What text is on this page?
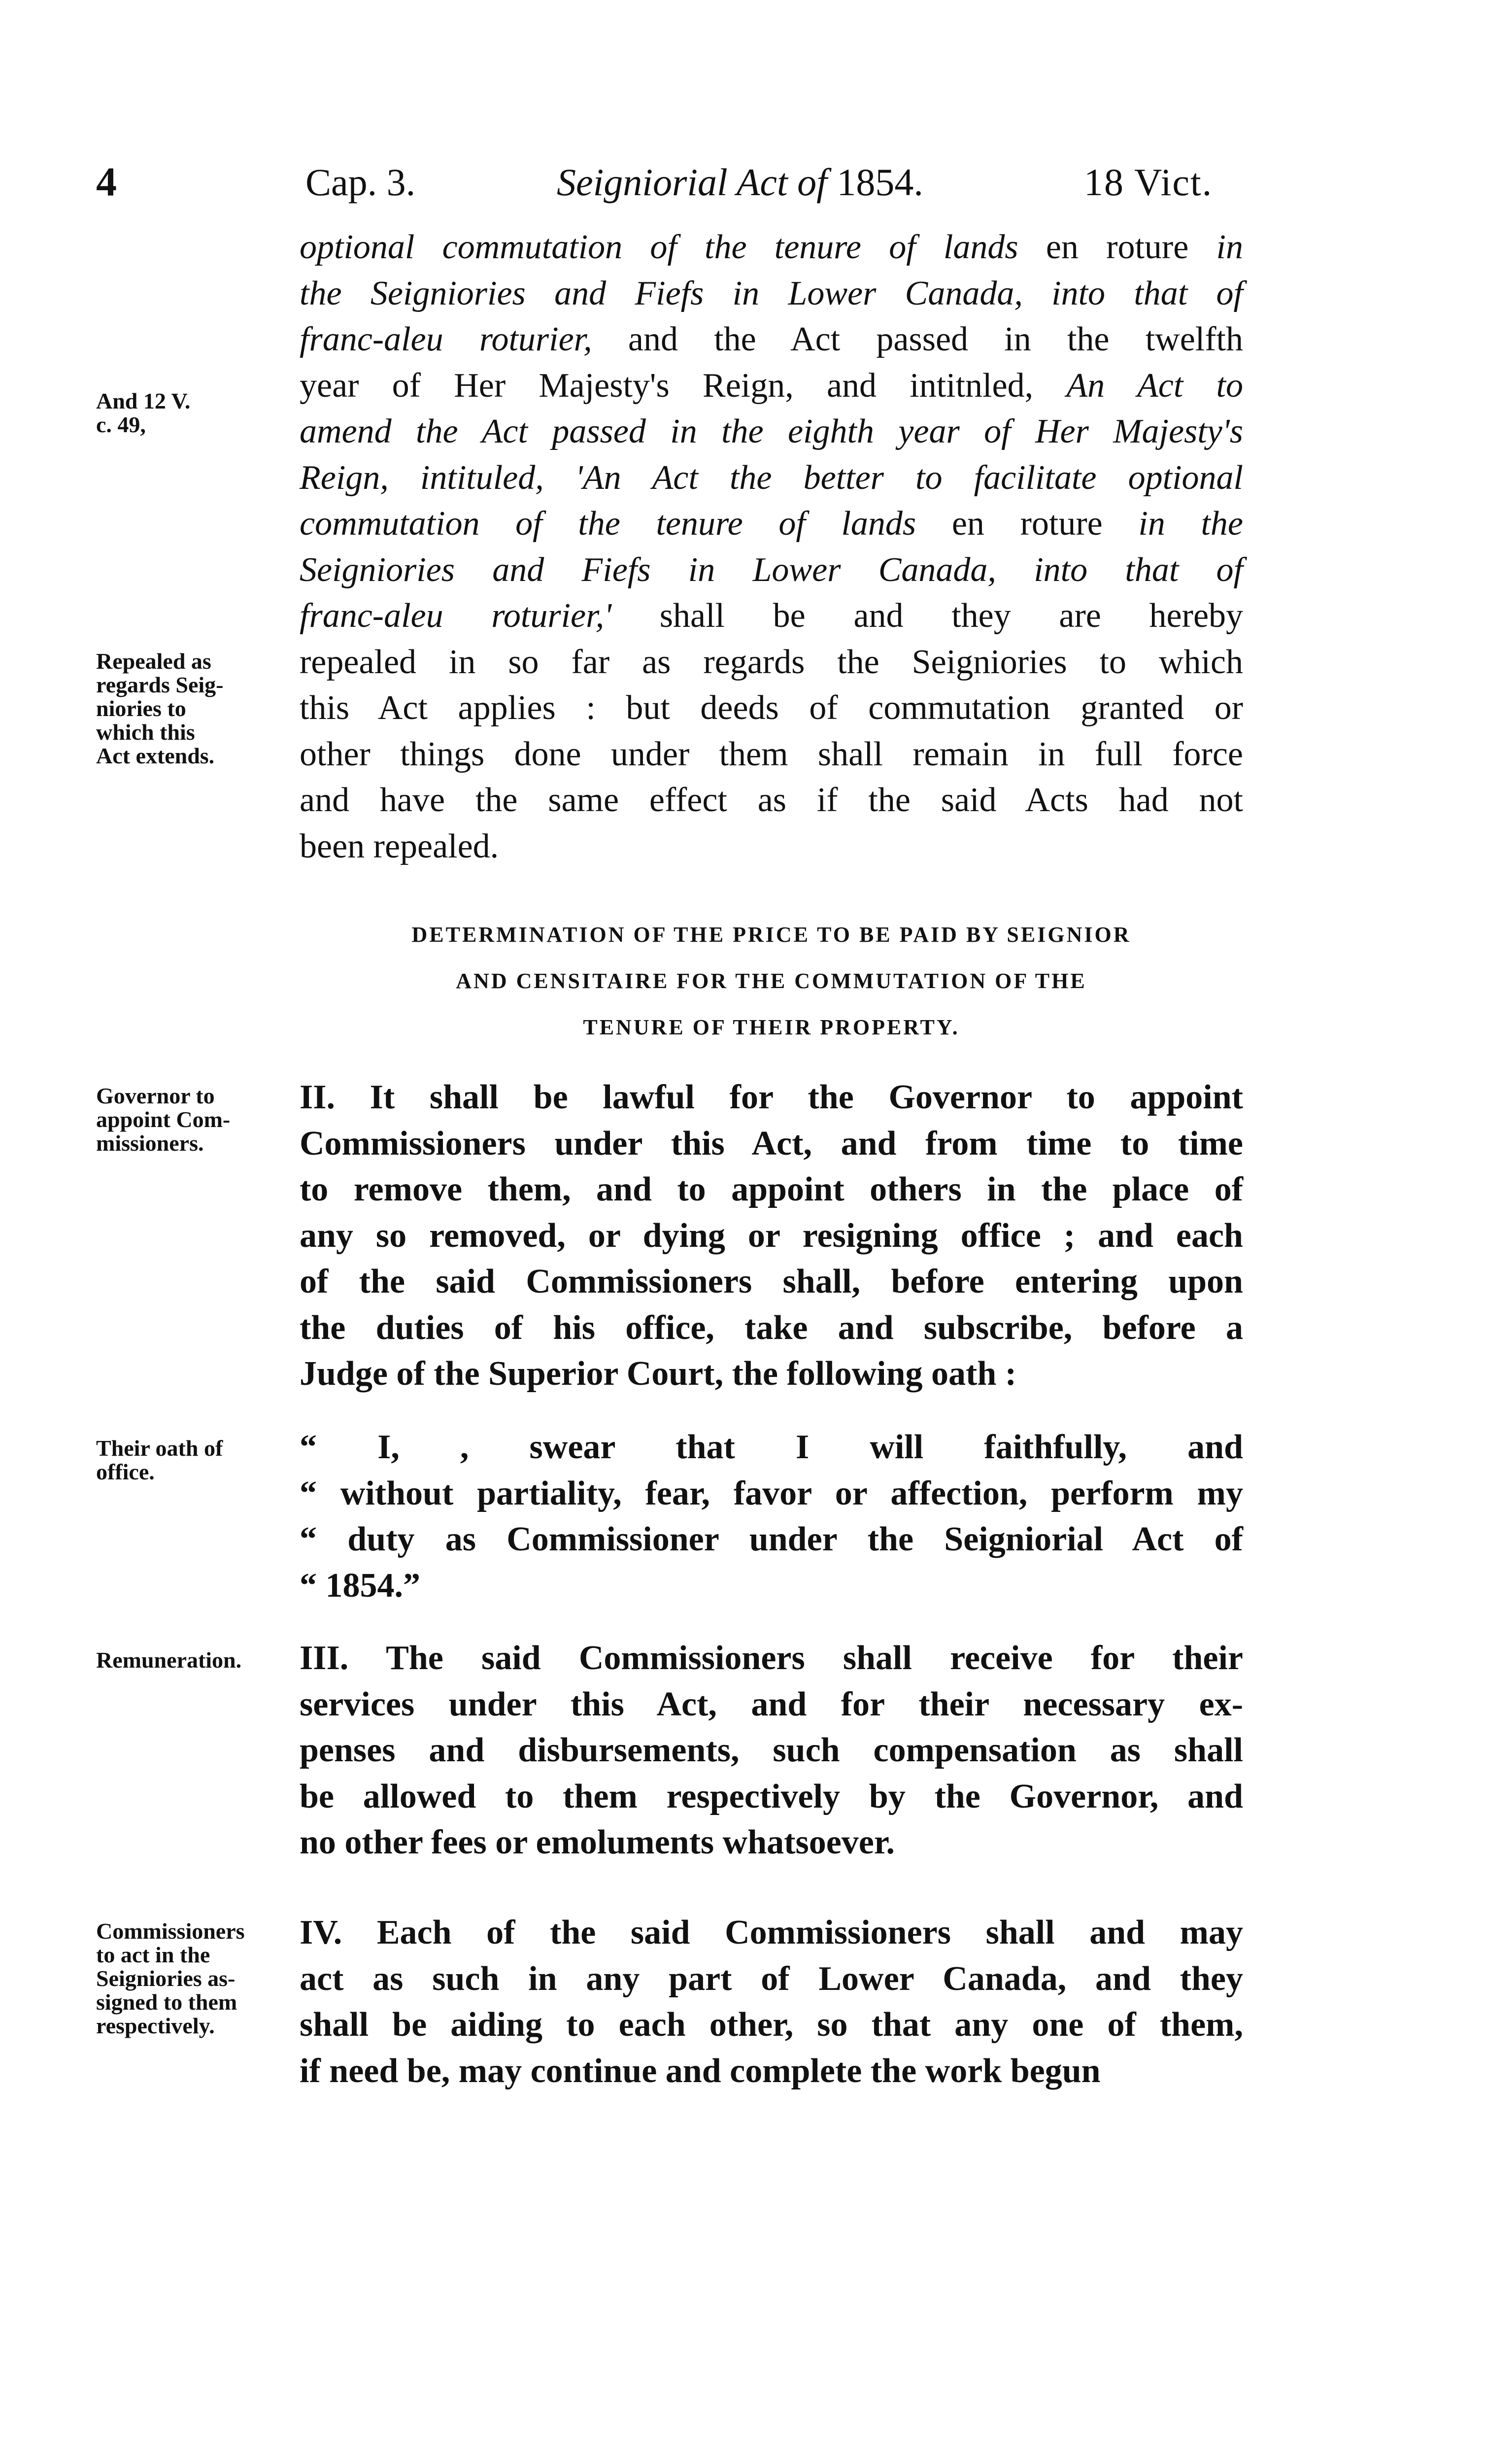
4	Cap. 3.	Seigniorial Act of 1854.	18 Vict.
optional commutation of the tenure of lands en roture in
the Seigniories and Fiefs in Lower Canada, into that of
franc-aleu roturier, and the Act passed in the twelfth
year of Her Majesty's Reign, and intitnled, An Act to
amend the Act passed in the eighth year of Her Majesty's
Reign, intituled, 'An Act the better to facilitate optional
commutation of the tenure of lands en roture in the
Seigniories and Fiefs in Lower Canada, into that of
franc-aleu roturier,' shall be and they are hereby
repealed in so far as regards the Seigniories to which
this Act applies : but deeds of commutation granted or
other things done under them shall remain in full force
and have the same effect as if the said Acts had not
been repealed.
DETERMINATION OF THE PRICE TO BE PAID BY SEIGNIOR
AND CENSITAIRE FOR THE COMMUTATION OF THE
TENURE OF THEIR PROPERTY.
II. It shall be lawful for the Governor to appoint
Commissioners under this Act, and from time to time
to remove them, and to appoint others in the place of
any so removed, or dying or resigning office ; and each
of the said Commissioners shall, before entering upon
the duties of his office, take and subscribe, before a
Judge of the Superior Court, the following oath :
“ I, , swear that I will faithfully, and
“ without partiality, fear, favor or affection, perform my
“ duty as Commissioner under the Seigniorial Act of
“ 1854.”
III. The said Commissioners shall receive for their
services under this Act, and for their necessary ex-
penses and disbursements, such compensation as shall
be allowed to them respectively by the Governor, and
no other fees or emoluments whatsoever.
IV. Each of the said Commissioners shall and may
act as such in any part of Lower Canada, and they
shall be aiding to each other, so that any one of them,
if need be, may continue and complete the work begun
And 12 V.
c. 49,
Repealed as
regards Seig-
niories to
which this
Act extends.
Governor to
appoint Com-
missioners.
Their oath of
office.
Remuneration.
Commissioners
to act in the
Seigniories as-
signed to them
respectively.
